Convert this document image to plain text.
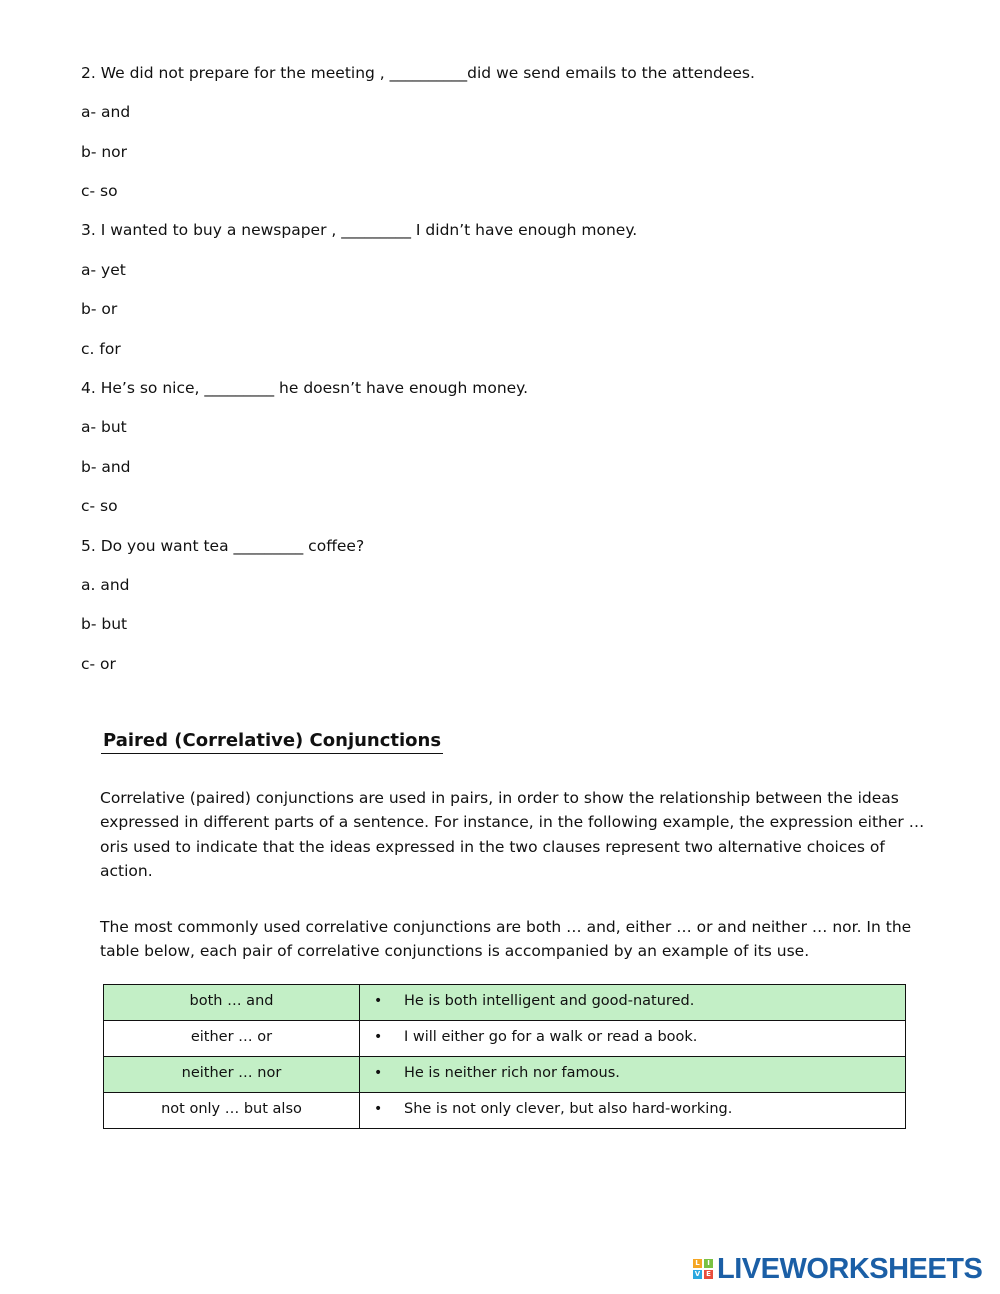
2. We did not prepare for the meeting , __________did we send emails to the attendees.
a- and
b- nor
c- so
3. I wanted to buy a newspaper , _________ I didn’t have enough money.
a- yet
b- or
c. for
4. He’s so nice, _________ he doesn’t have enough money.
a- but
b- and
c- so
5. Do you want tea _________ coffee?
a. and
b- but
c- or
Paired (Correlative) Conjunctions
Correlative (paired) conjunctions are used in pairs, in order to show the relationship between the ideas expressed in different parts of a sentence. For instance, in the following example, the expression either … oris used to indicate that the ideas expressed in the two clauses represent two alternative choices of action.
The most commonly used correlative conjunctions are both … and, either … or and neither … nor. In the table below, each pair of correlative conjunctions is accompanied by an example of its use.
both … and	• He is both intelligent and good-natured.
either … or	• I will either go for a walk or read a book.
neither … nor	• He is neither rich nor famous.
not only … but also	• She is not only clever, but also hard-working.
L	I
V E LIVEWORKSHEETS
